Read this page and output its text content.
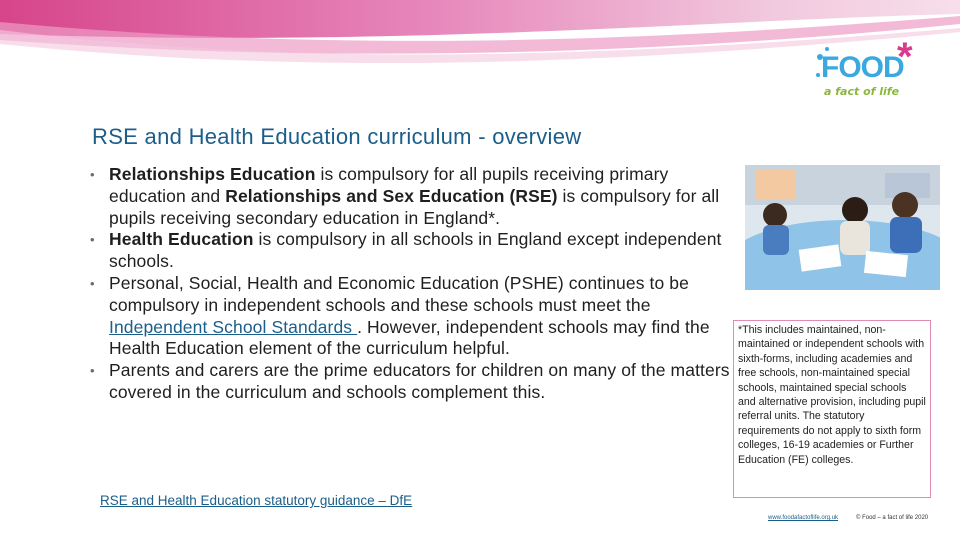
FOOD
*
a fact of life
RSE and Health Education curriculum - overview
• Relationships Education is compulsory for all pupils receiving primary education and Relationships and Sex Education (RSE) is compulsory for all pupils receiving secondary education in England*.
• Health Education is compulsory in all schools in England except independent schools.
• Personal, Social, Health and Economic Education (PSHE) continues to be compulsory in independent schools and these schools must meet the Independent School Standards . However, independent schools may find the Health Education element of the curriculum helpful.
• Parents and carers are the prime educators for children on many of the matters covered in the curriculum and schools complement this.
*This includes maintained, non-maintained or independent schools with sixth-forms, including academies and free schools, non-maintained special schools, maintained special schools and alternative provision, including pupil referral units. The statutory requirements do not apply to sixth form colleges, 16-19 academies or Further Education (FE) colleges.
RSE and Health Education statutory guidance – DfE
www.foodafactoflife.org.uk	© Food – a fact of life 2020
